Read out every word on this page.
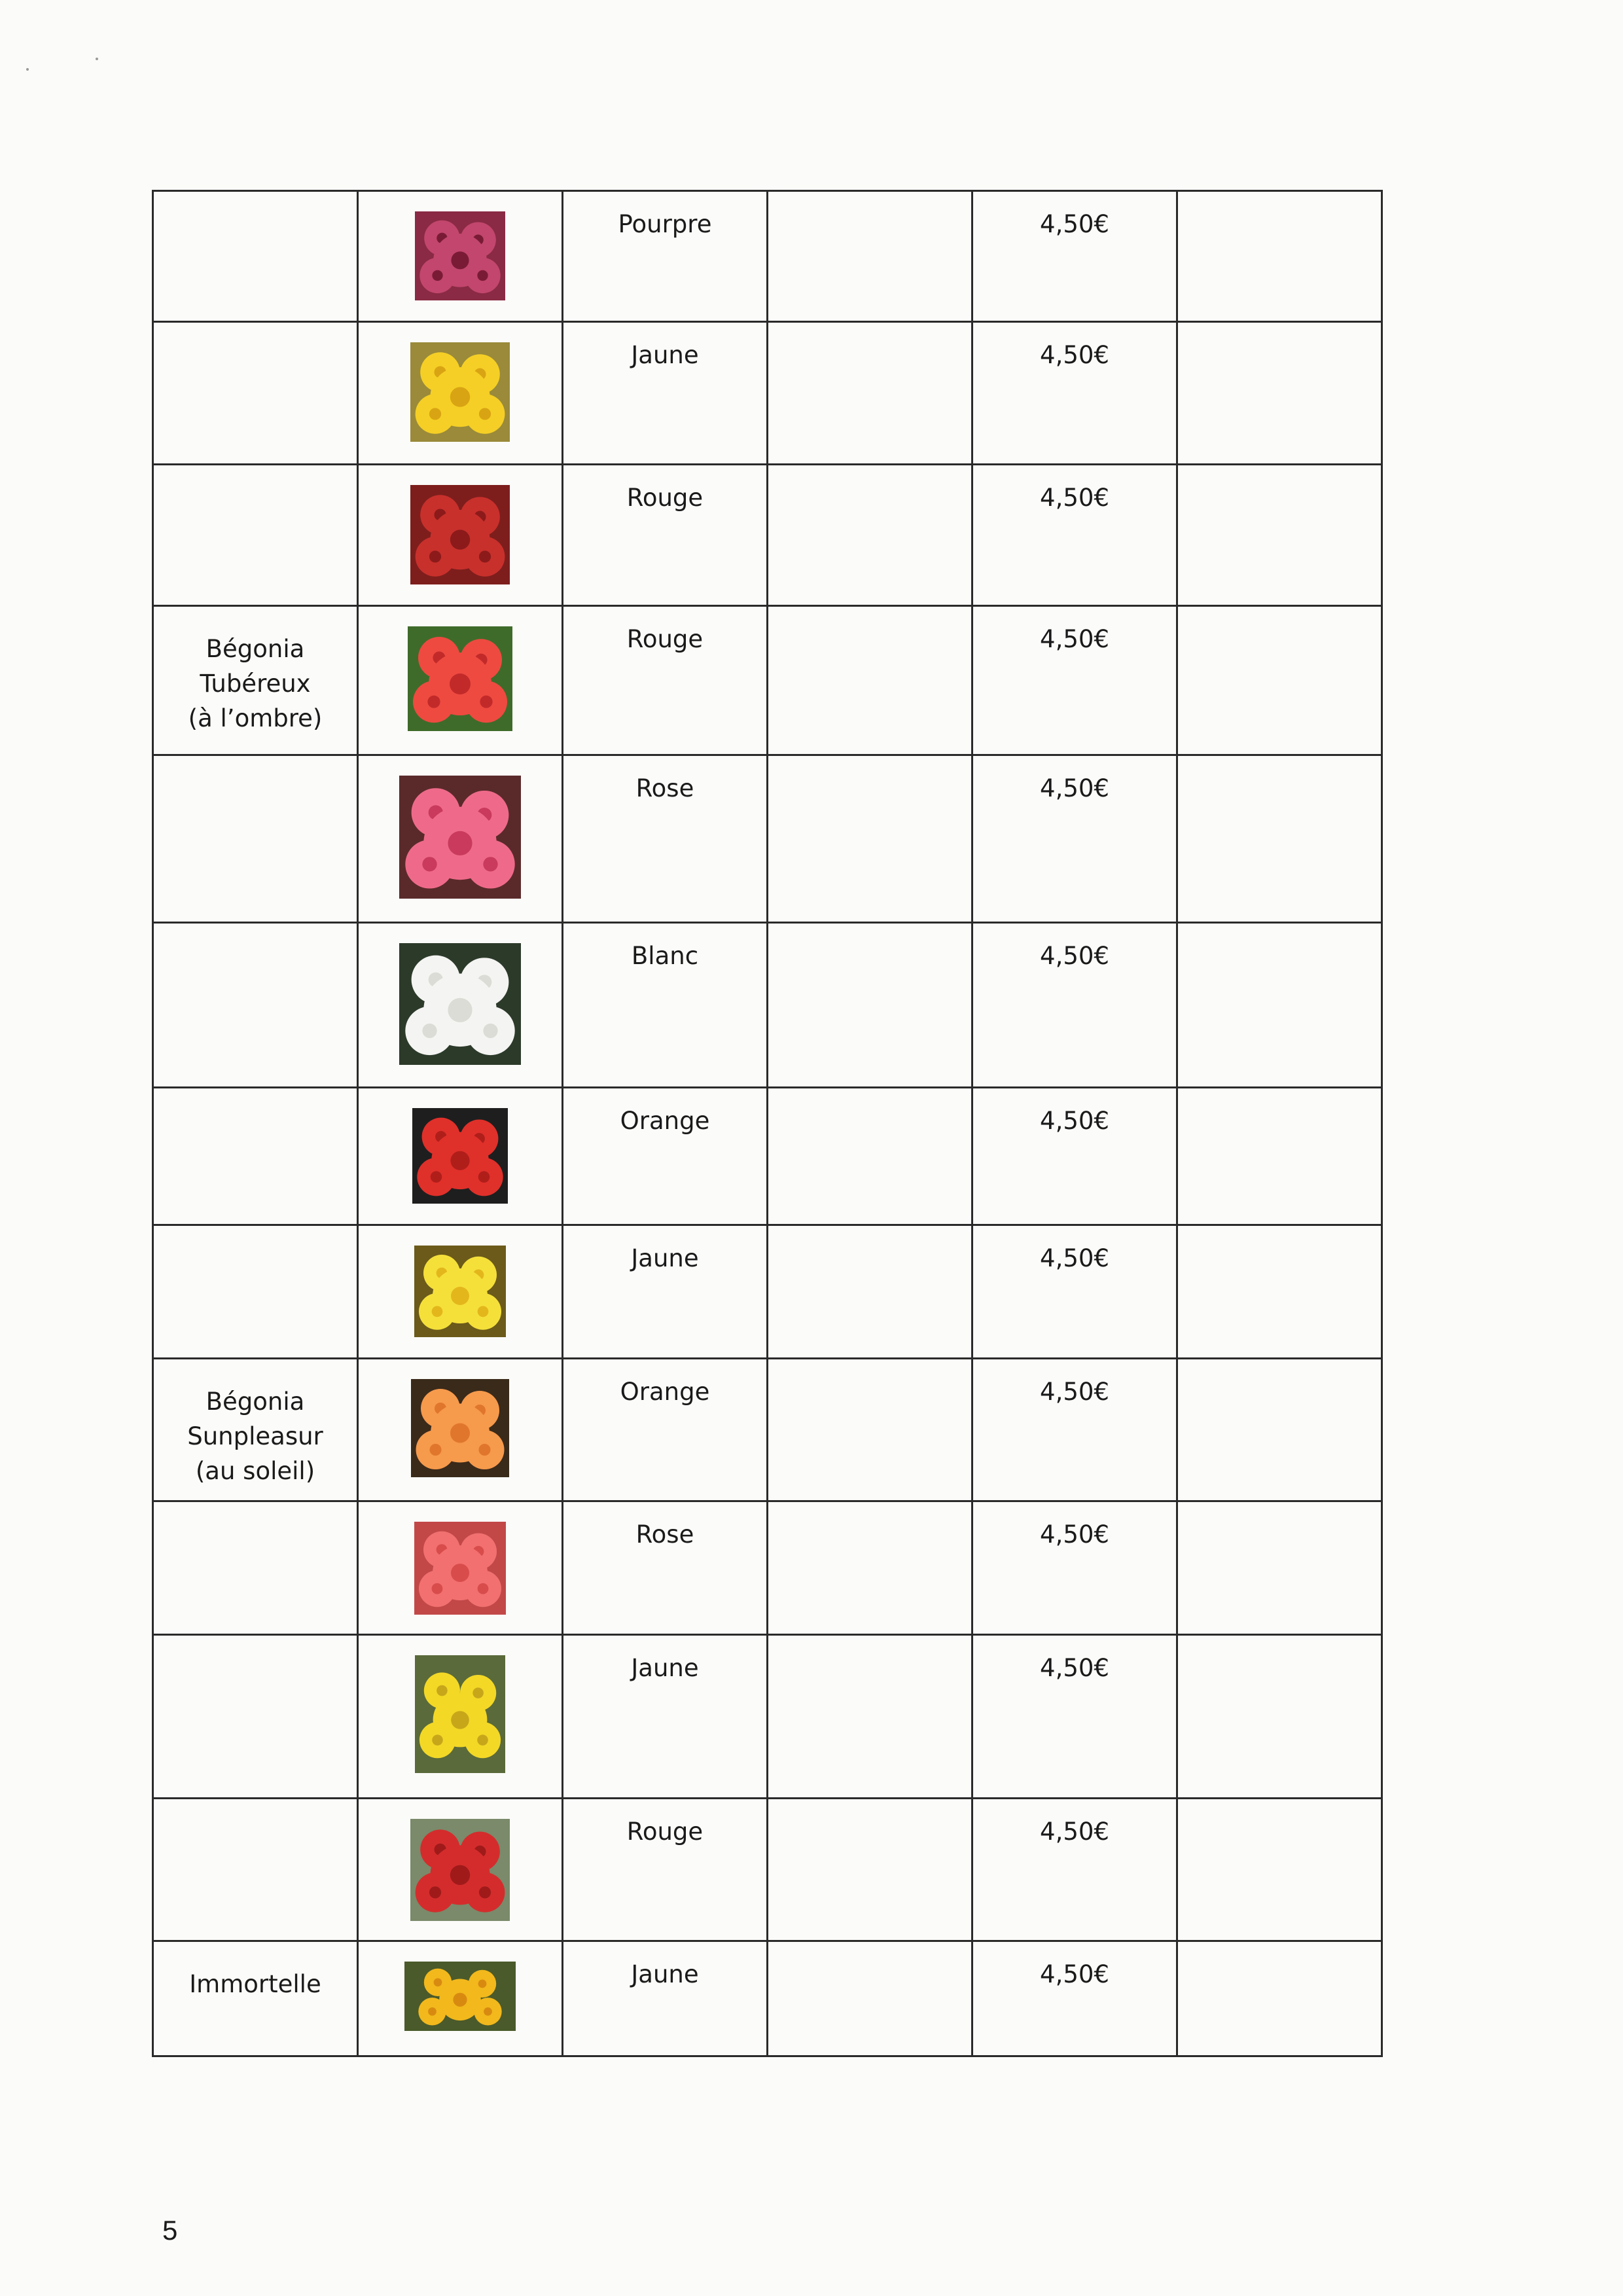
Pourpre		4,50€	

Jaune		4,50€	

Rouge		4,50€	

Bégonia
Tubéreux
(à l’ombre)		Rouge		4,50€	

Rose		4,50€	

Blanc		4,50€	

Orange		4,50€	

Jaune		4,50€	

Bégonia
Sunpleasur
(au soleil)		Orange		4,50€	

Rose		4,50€	

Jaune		4,50€	

Rouge		4,50€	

Immortelle		Jaune		4,50€	

5
